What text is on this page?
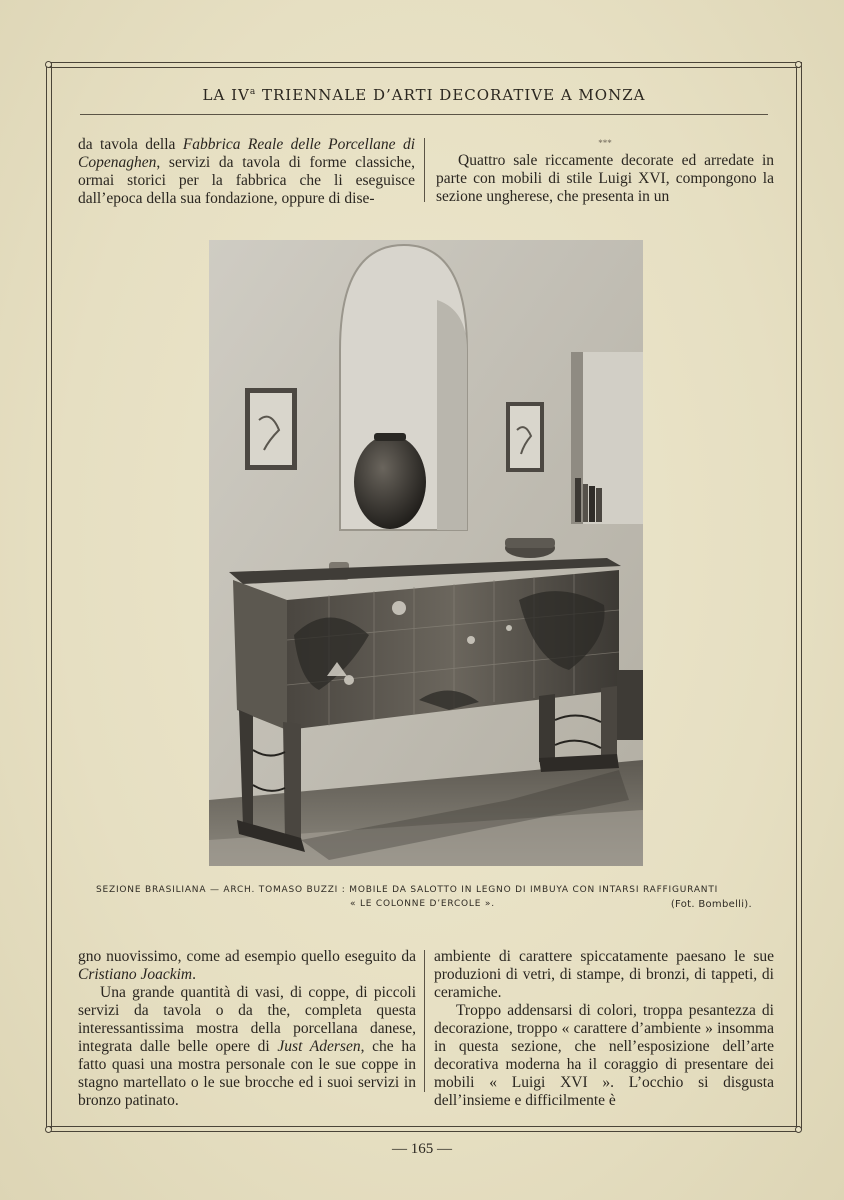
LA $IV^a$ TRIENNALE D’ARTI DECORATIVE A MONZA

da tavola della Fabbrica Reale delle Porcellane di Copenaghen, servizi da tavola di forme classiche, ormai storici per la fabbrica che li eseguisce dall’epoca della sua fondazione, oppure di dise-

***

Quattro sale riccamente decorate ed arredate in parte con mobili di stile Luigi XVI, compongono la sezione ungherese, che presenta in un

SEZIONE BRASILIANA — ARCH. TOMASO BUZZI : MOBILE DA SALOTTO IN LEGNO DI IMBUYA CON INTARSI RAFFIGURANTI
« LE COLONNE D’ERCOLE ».	(Fot. Bombelli).

gno nuovissimo, come ad esempio quello eseguito da Cristiano Joackim.

Una grande quantità di vasi, di coppe, di piccoli servizi da tavola o da the, completa questa interessantissima mostra della porcellana danese, integrata dalle belle opere di Just Adersen, che ha fatto quasi una mostra personale con le sue coppe in stagno martellato o le sue brocche ed i suoi servizi in bronzo patinato.

ambiente di carattere spiccatamente paesano le sue produzioni di vetri, di stampe, di bronzi, di tappeti, di ceramiche.

Troppo addensarsi di colori, troppa pesantezza di decorazione, troppo « carattere d’ambiente » insomma in questa sezione, che nell’esposizione dell’arte decorativa moderna ha il coraggio di presentare dei mobili « Luigi XVI ». L’occhio si disgusta dell’insieme e difficilmente è

— 165 —
